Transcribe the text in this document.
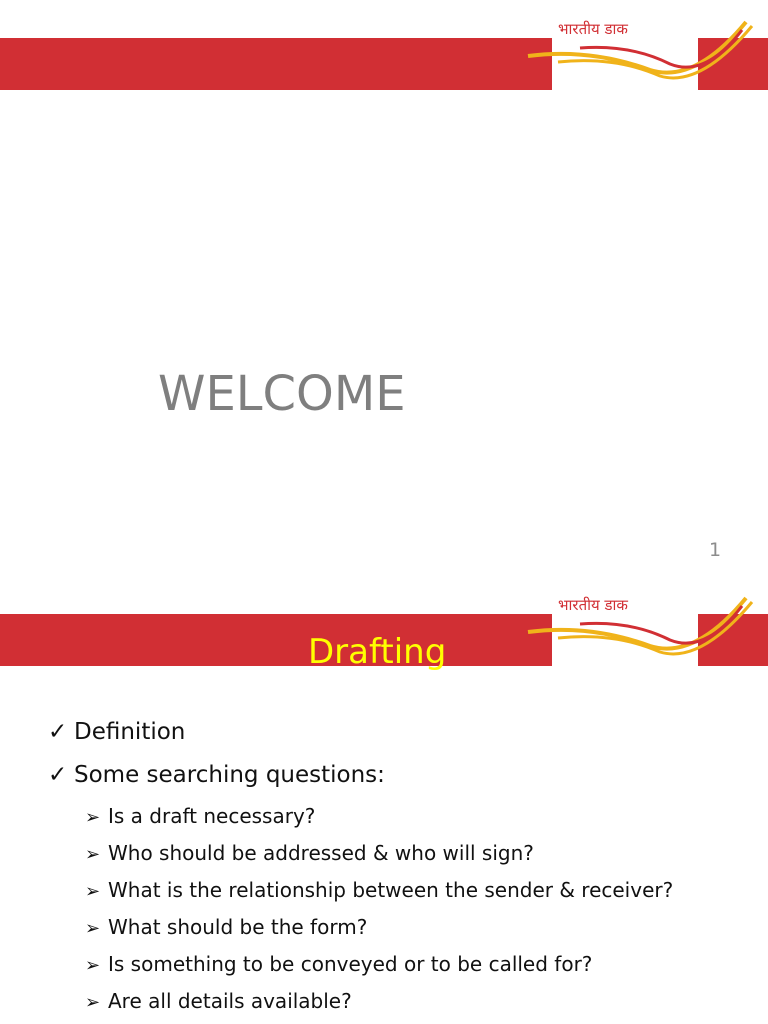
भारतीय डाक
WELCOME
1
भारतीय डाक
Drafting
✓ Definition
✓ Some searching questions:
➢ Is a draft necessary?
➢ Who should be addressed & who will sign?
➢ What is the relationship between the sender & receiver?
➢ What should be the form?
➢ Is something to be conveyed or to be called for?
➢ Are all details available?
